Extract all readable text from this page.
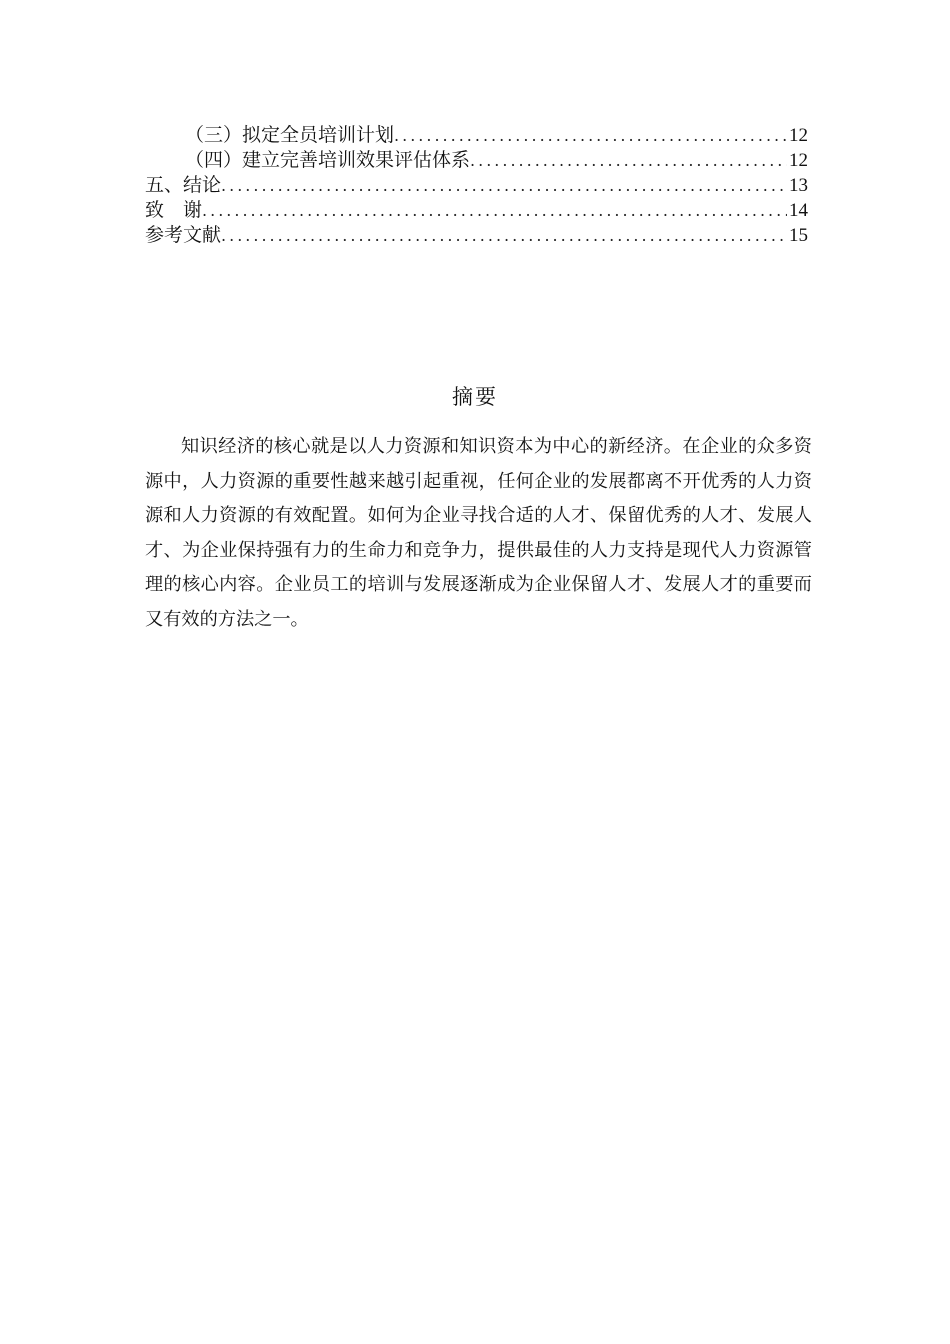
（三）拟定全员培训计划 .....	12
（四）建立完善培训效果评估体系 .....	12
五、结论 .....	13
致　谢 .....	14
参考文献 .....	15
摘要

知识经济的核心就是以人力资源和知识资本为中心的新经济。在企业的众多资源中，人力资源的重要性越来越引起重视，任何企业的发展都离不开优秀的人力资源和人力资源的有效配置。如何为企业寻找合适的人才、保留优秀的人才、发展人才、为企业保持强有力的生命力和竞争力，提供最佳的人力支持是现代人力资源管理的核心内容。企业员工的培训与发展逐渐成为企业保留人才、发展人才的重要而又有效的方法之一。
